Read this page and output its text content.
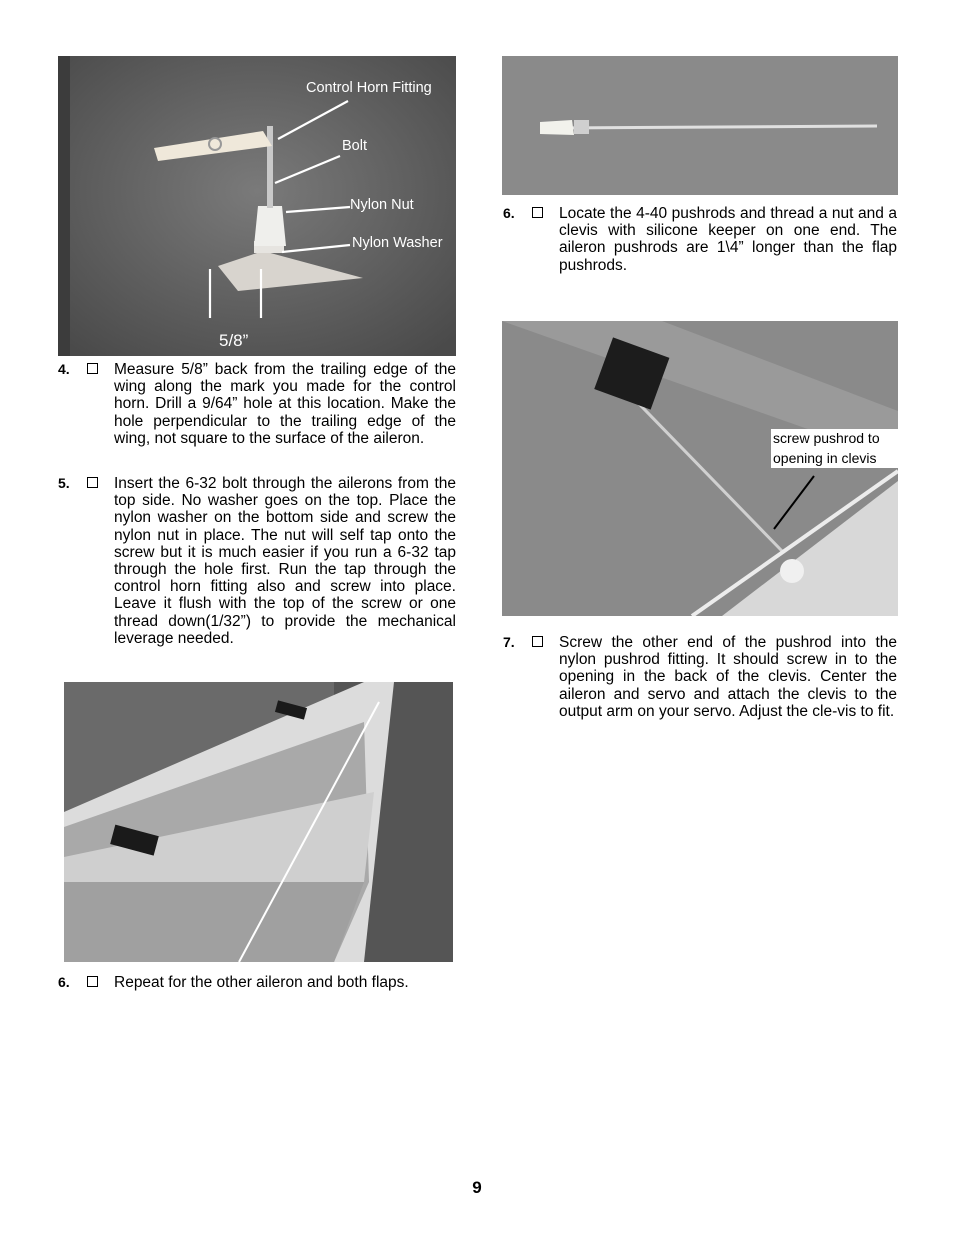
Control Horn Fitting
Bolt
Nylon Nut
Nylon Washer
5/8”
screw pushrod to opening in clevis
4.	Measure 5/8” back from the trailing edge of the wing along the mark you made for the control horn. Drill a 9/64” hole at this location. Make the hole perpendicular to the trailing edge of the wing, not square to the surface of the aileron.
5.	Insert the 6-32 bolt through the ailerons from the top side. No washer goes on the top. Place the nylon washer on the bottom side and screw the nylon nut in place. The nut will self tap onto the screw but it is much easier if you run a 6-32 tap through the hole first. Run the tap through the control horn fitting also and screw into place. Leave it flush with the top of the screw or one thread down(1/32”) to provide the mechanical leverage needed.
6.	Repeat for the other aileron and both flaps.
6.	Locate the 4-40 pushrods and thread a nut and a clevis with silicone keeper on one end. The aileron pushrods are 1\4” longer than the flap pushrods.
7.	Screw the other end of the pushrod into the nylon pushrod fitting. It should screw in to the opening in the back of the clevis. Center the aileron and servo and attach the clevis to the output arm on your servo. Adjust the cle-vis to fit.
9
